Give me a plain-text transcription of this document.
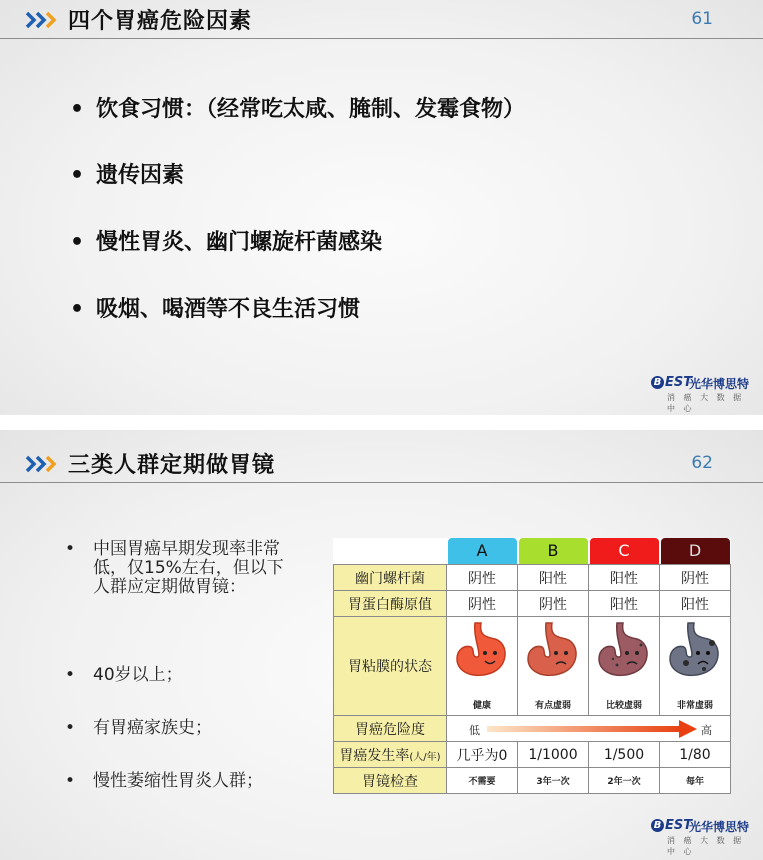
四个胃癌危险因素	61
• 饮食习惯：（经常吃太咸、腌制、发霉食物）
• 遗传因素
• 慢性胃炎、幽门螺旋杆菌感染
• 吸烟、喝酒等不良生活习惯
B EST
光华博思特
消 癌 大 数 据 中 心
三类人群定期做胃镜	62
• 中国胃癌早期发现率非常低，仅15%左右，但以下人群应定期做胃镜：
• 40岁以上；
• 有胃癌家族史；
• 慢性萎缩性胃炎人群；

	A	B	C	D

幽门螺杆菌	阴性	阳性	阳性	阴性
胃蛋白酶原值	阴性	阴性	阳性	阳性
胃粘膜的状态	健康	有点虚弱	比较虚弱	非常虚弱

胃癌危险度	低 高			

胃癌发生率(人/年)	几乎为0	1/1000	1/500	1/80
胃镜检查	不需要	3年一次	2年一次	每年
B EST
光华博思特
消 癌 大 数 据 中 心
